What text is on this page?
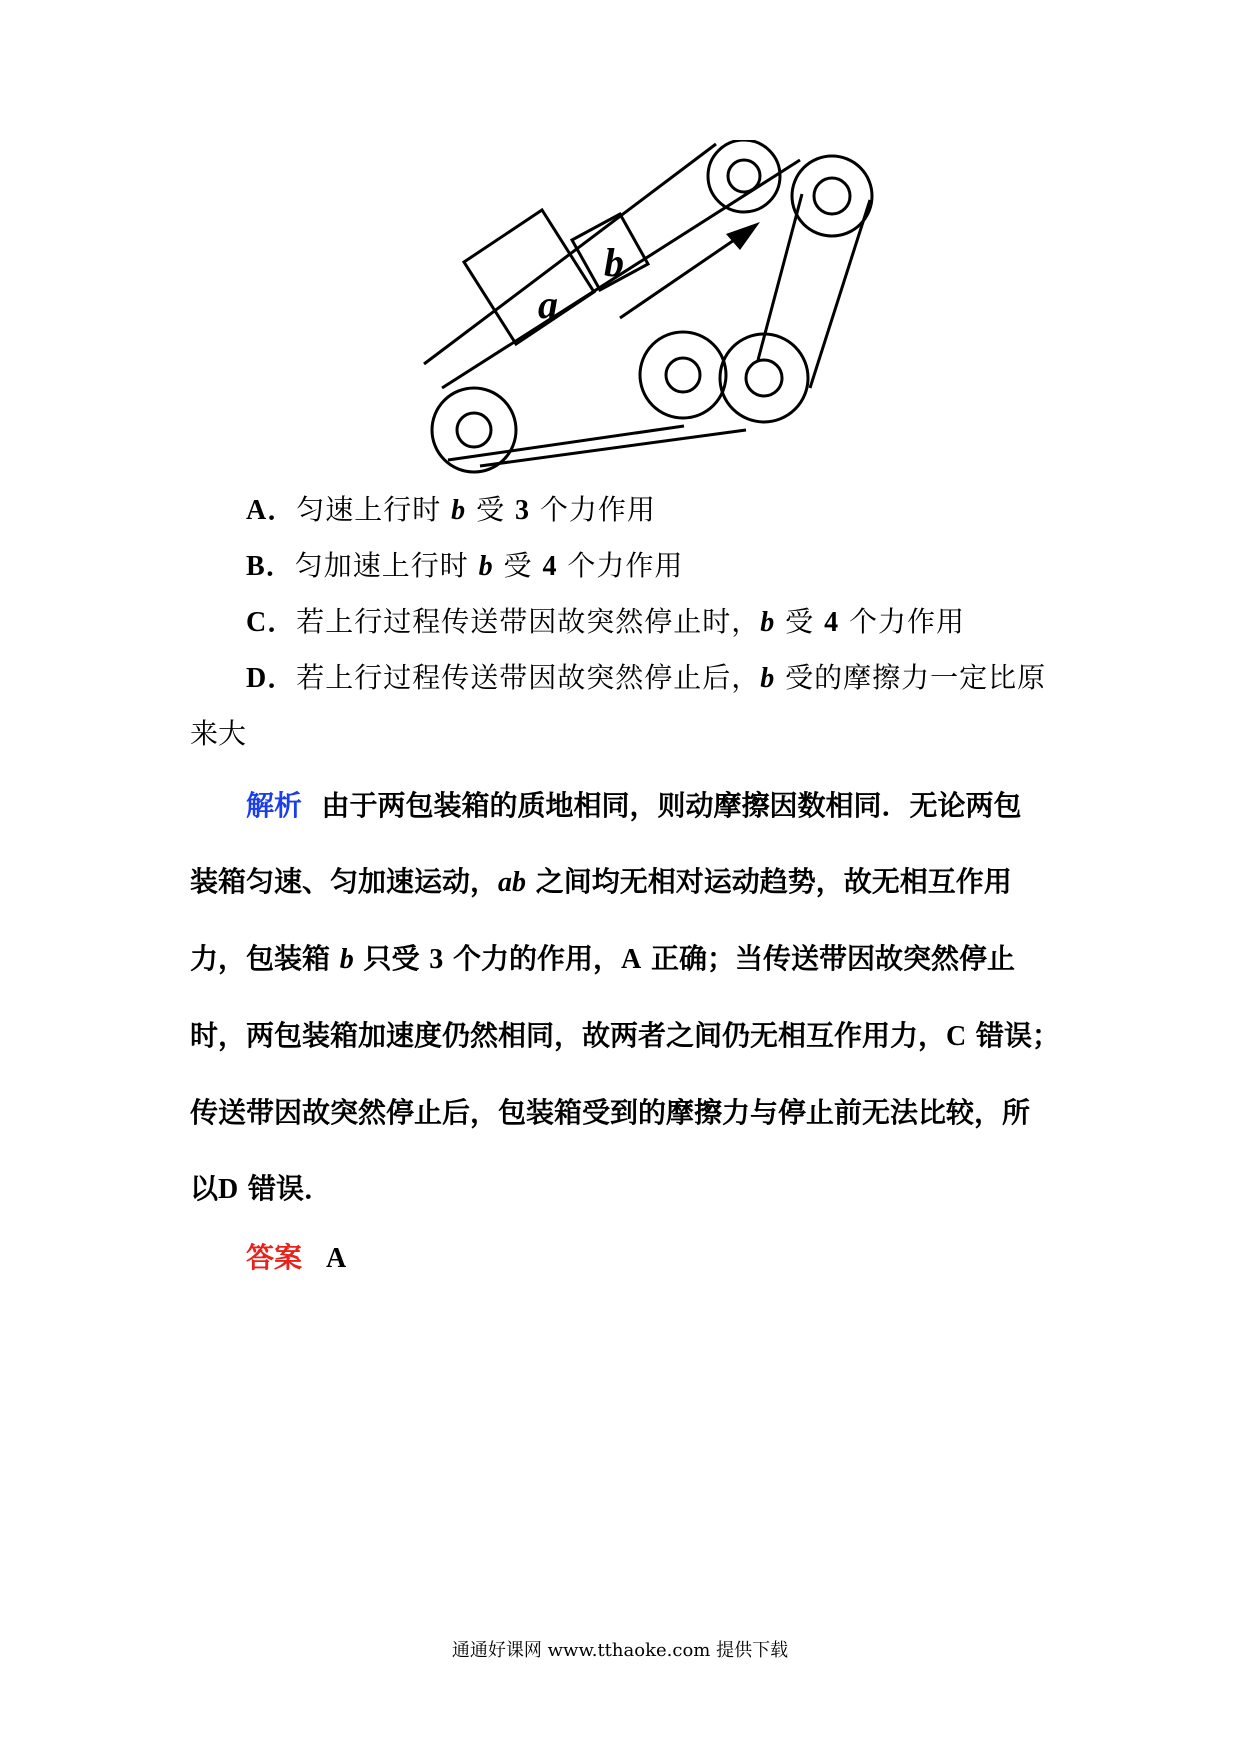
a
b
A．匀速上行时 b 受 3 个力作用
B．匀加速上行时 b 受 4 个力作用
C．若上行过程传送带因故突然停止时，b 受 4 个力作用
D．若上行过程传送带因故突然停止后，b 受的摩擦力一定比原
来大
解析 由于两包装箱的质地相同，则动摩擦因数相同．无论两包
装箱匀速、匀加速运动，ab 之间均无相对运动趋势，故无相互作用
力，包装箱 b 只受 3 个力的作用，A 正确；当传送带因故突然停止
时，两包装箱加速度仍然相同，故两者之间仍无相互作用力，C 错误；
传送带因故突然停止后，包装箱受到的摩擦力与停止前无法比较，所
以D 错误．
答案 A
通通好课网 www.tthaoke.com 提供下载
